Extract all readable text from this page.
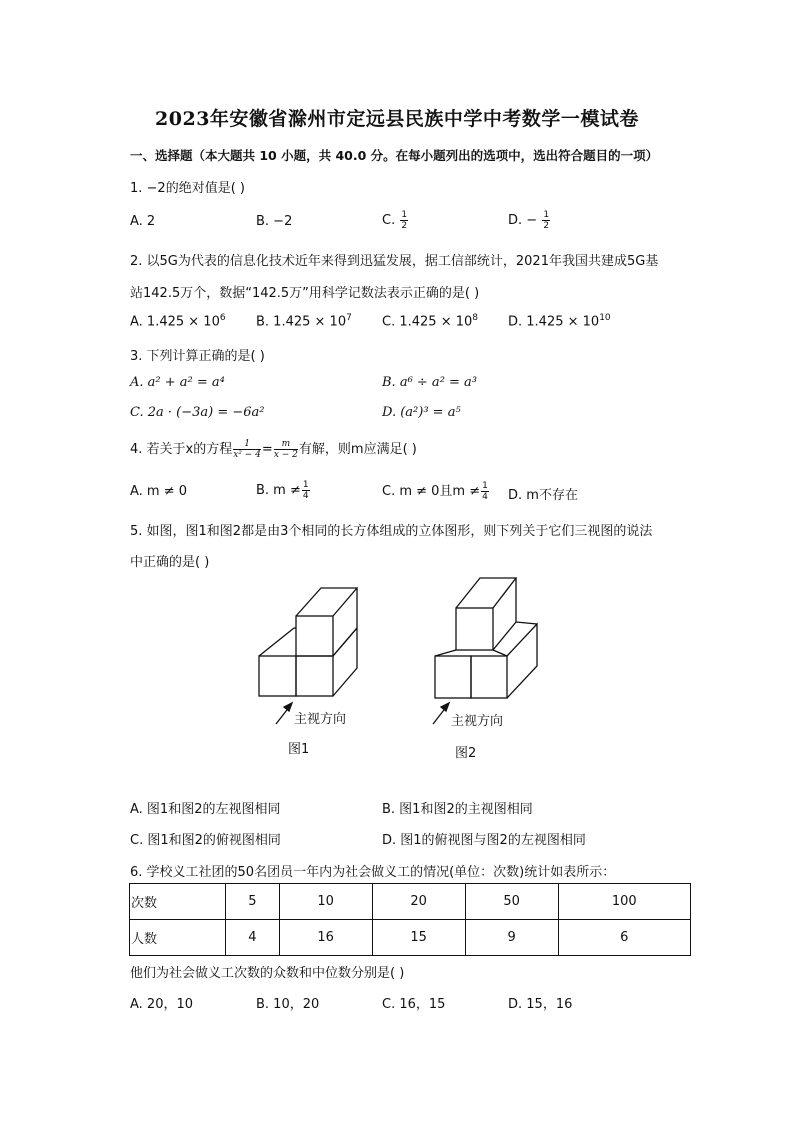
2023年安徽省滁州市定远县民族中学中考数学一模试卷
一、选择题（本大题共 10 小题，共 40.0 分。在每小题列出的选项中，选出符合题目的一项）
1. −2的绝对值是( )
A. 2	B. −2	C. $\frac{1}{2}$	D. − $\frac{1}{2}$
2. 以5G为代表的信息化技术近年来得到迅猛发展，据工信部统计，2021年我国共建成5G基
站142.5万个，数据“142.5万”用科学记数法表示正确的是( )
A. $1.425 \times 10^6$ B. $1.425 \times 10^7$ C. $1.425 \times 10^8$ D. $1.425 \times 10^{10}$
3. 下列计算正确的是( )
A. a² + a² = a⁴	B. a⁶ ÷ a² = a³
C. 2a · (−3a) = −6a²	D. (a²)³ = a⁵
4. 若关于x的方程 $\frac{1}{\text{x² − 4}} = \frac{m}{x - 2}$ 有解，则m应满足( )
A. m ≠ 0	B. $m \ne \frac{1}{4}$	C. m ≠ 0且$m \ne \frac{1}{4} D$. m不存在
5. 如图，图1和图2都是由3个相同的长方体组成的立体图形，则下列关于它们三视图的说法
中正确的是( )
主视方向
图1
主视方向
图2
A. 图1和图2的左视图相同	B. 图1和图2的主视图相同
C. 图1和图2的俯视图相同	D. 图1的俯视图与图2的左视图相同
6. 学校义工社团的50名团员一年内为社会做义工的情况(单位：次数)统计如表所示：
次数	5	10	20	50	100
人数	4	16	15	9	6
他们为社会做义工次数的众数和中位数分别是( )
A. 20，10	B. 10，20	C. 16，15	D. 15，16
